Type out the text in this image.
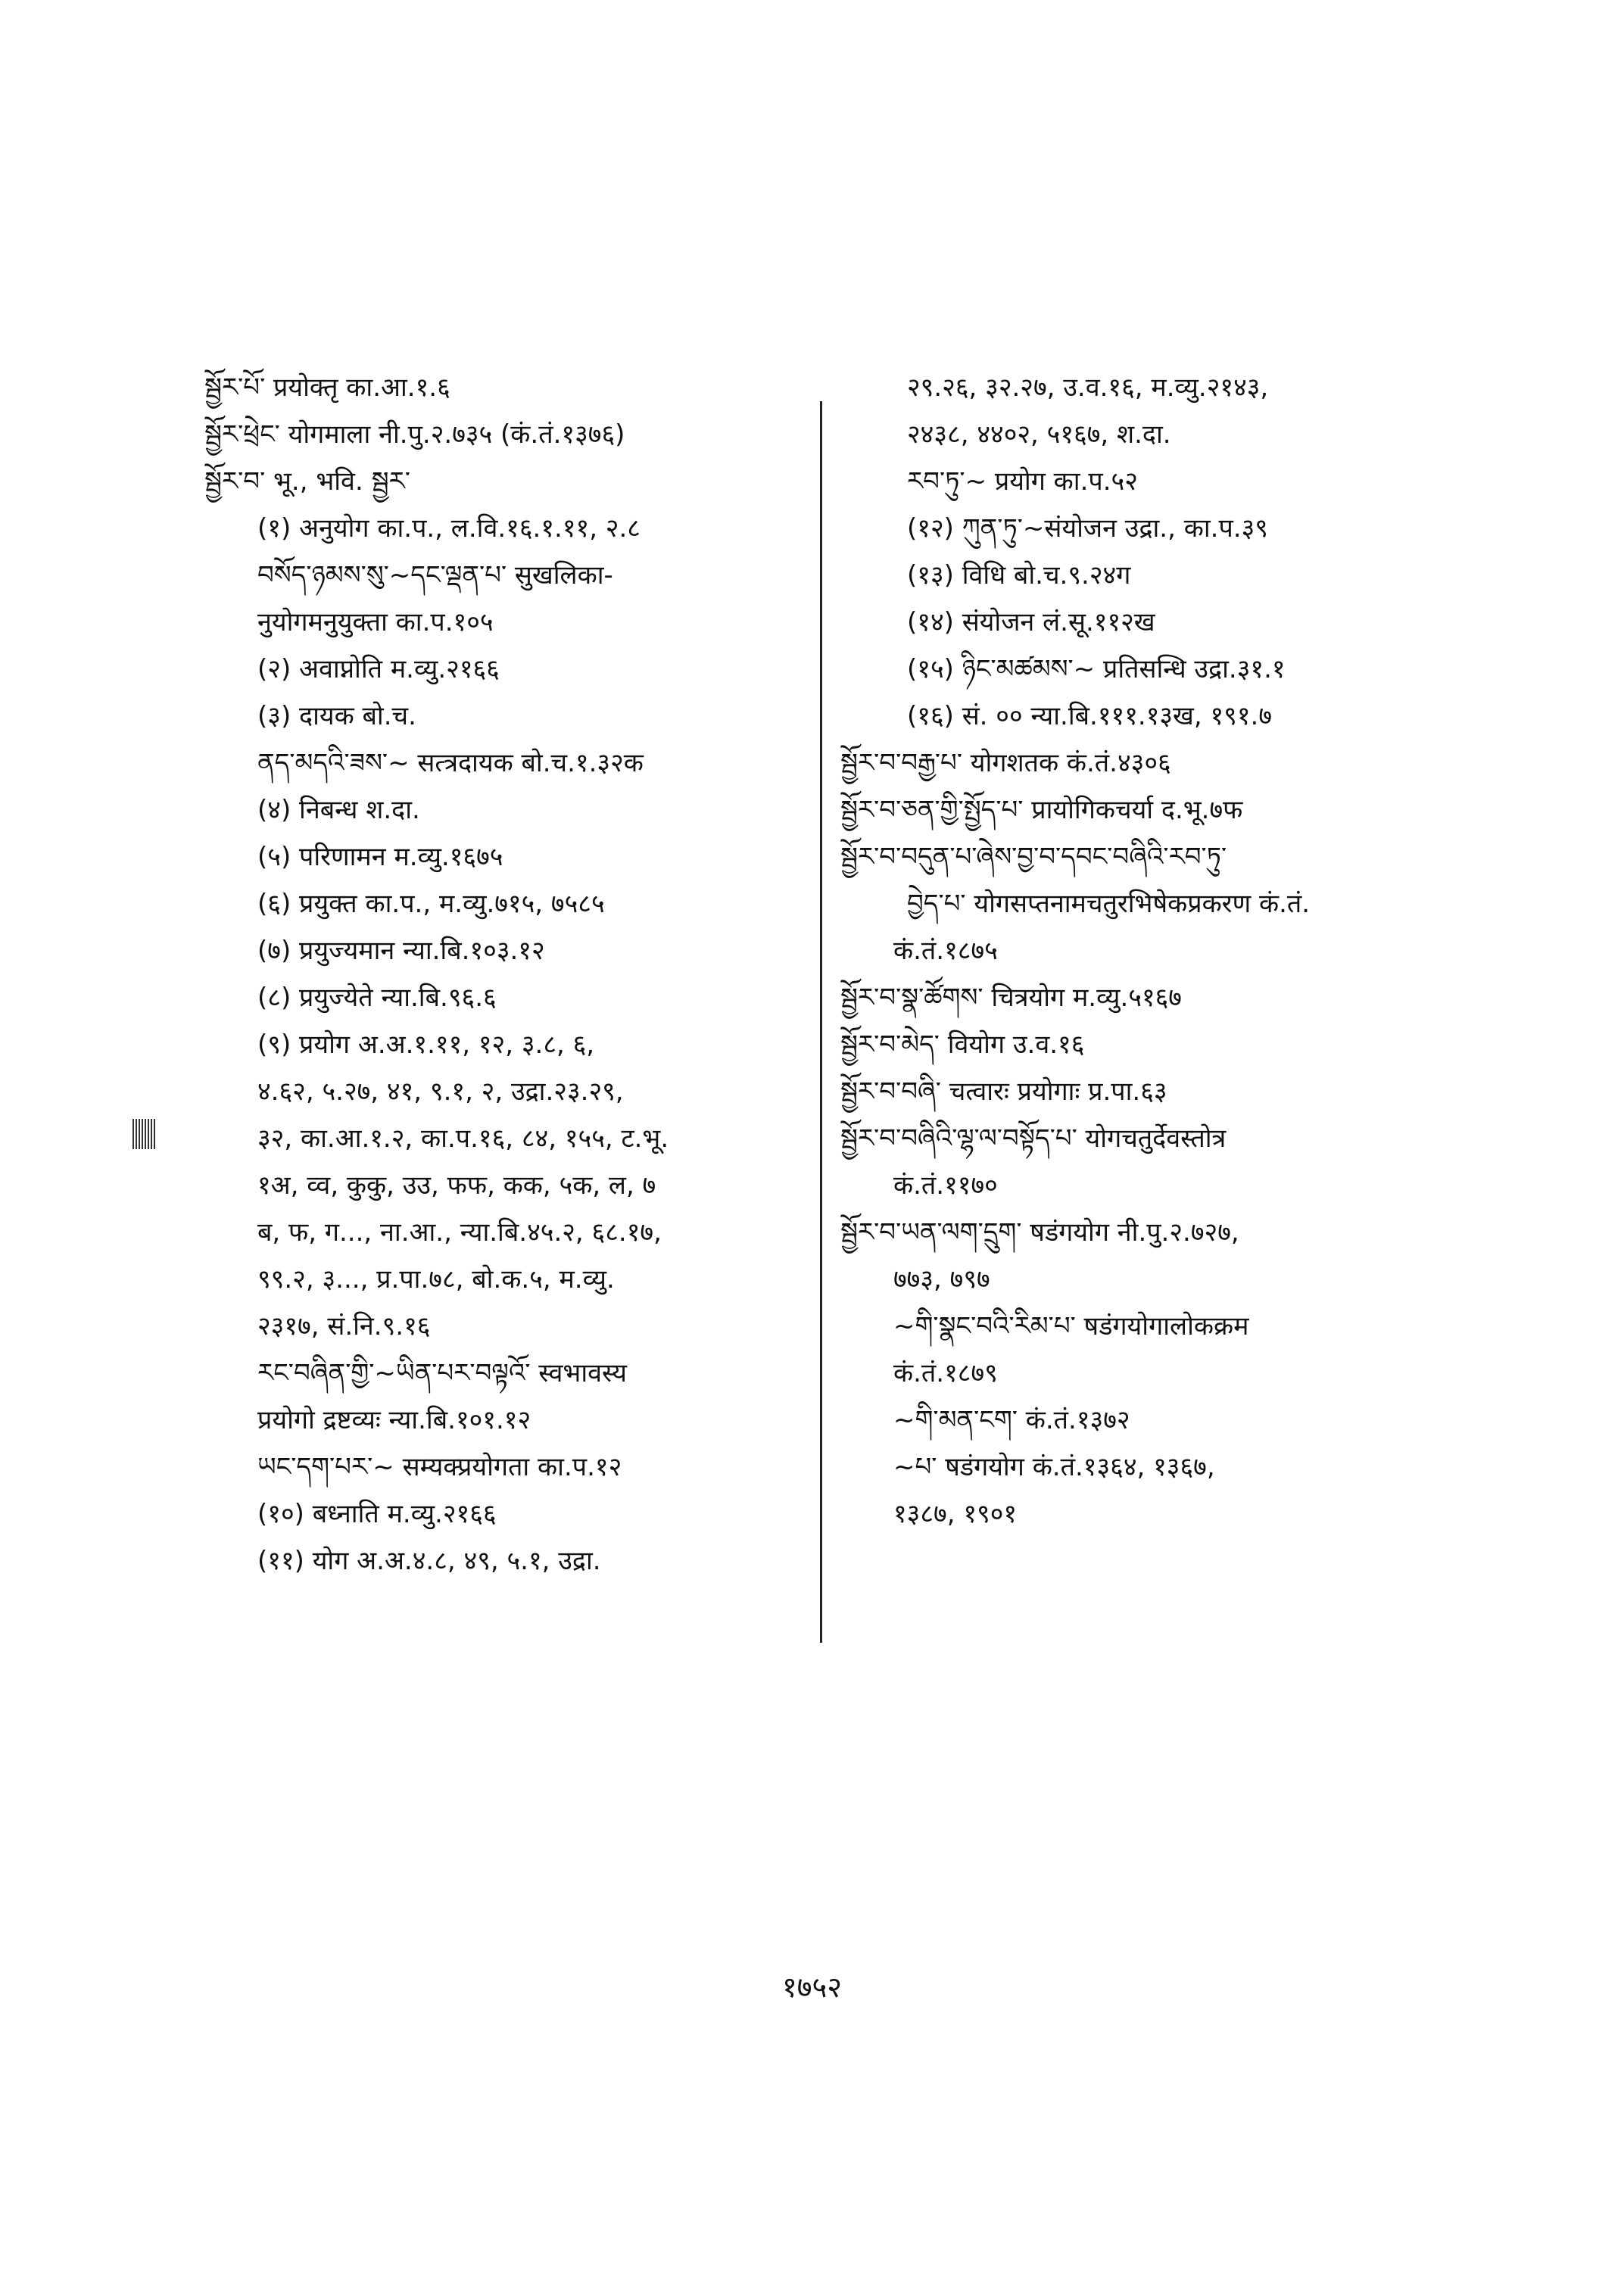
སྦྱོར་པོ་ प्रयोक्तृ का.आ.१.६
སྦྱོར་ཕྲེང་ योगमाला नी.पु.२.७३५ (कं.तं.१३७६)
སྦྱོར་བ་ भू., भवि. སྦྱར་
(१) अनुयोग का.प., ल.वि.१६.१.११, २.८
བསོད་ཉམས་སུ་~དང་ལྡན་པ་ सुखलिका-
नुयोगमनुयुक्ता का.प.१०५
(२) अवाप्नोति म.व्यु.२१६६
(३) दायक बो.च.
ནད་མདའི་ཟས་~ सत्त्रदायक बो.च.१.३२क
(४) निबन्ध श.दा.
(५) परिणामन म.व्यु.१६७५
(६) प्रयुक्त का.प., म.व्यु.७१५, ७५८५
(७) प्रयुज्यमान न्या.बि.१०३.१२
(८) प्रयुज्येते न्या.बि.९६.६
(९) प्रयोग अ.अ.१.११, १२, ३.८, ६,
४.६२, ५.२७, ४१, ९.१, २, उद्रा.२३.२९,
३२, का.आ.१.२, का.प.१६, ८४, १५५, ट.भू.
१अ, व्व, कुकु, उउ, फफ, कक, ५क, ल, ७
ब, फ, ग..., ना.आ., न्या.बि.४५.२, ६८.१७,
९९.२, ३..., प्र.पा.७८, बो.क.५, म.व्यु.
२३१७, सं.नि.९.१६
རང་བཞིན་གྱི་~ཡིན་པར་བལྟའོ་ स्वभावस्य
प्रयोगो द्रष्टव्यः न्या.बि.१०१.१२
ཡང་དག་པར་~ सम्यक्प्रयोगता का.प.१२
(१०) बध्नाति म.व्यु.२१६६
(११) योग अ.अ.४.८, ४९, ५.१, उद्रा.
२९.२६, ३२.२७, उ.व.१६, म.व्यु.२१४३,
२४३८, ४४०२, ५१६७, श.दा.
རབ་ཏུ་~ प्रयोग का.प.५२
(१२) ཀུན་ཏུ་~संयोजन उद्रा., का.प.३९
(१३) विधि बो.च.९.२४ग
(१४) संयोजन लं.सू.११२ख
(१५) ཉིང་མཚམས་~ प्रतिसन्धि उद्रा.३१.१
(१६) सं. ०० न्या.बि.१११.१३ख, १९१.७
སྦྱོར་བ་བརྒྱ་པ་ योगशतक कं.तं.४३०६
སྦྱོར་བ་ཅན་གྱི་སྤྱོད་པ་ प्रायोगिकचर्या द.भू.७फ
སྦྱོར་བ་བདུན་པ་ཞེས་བྱ་བ་དབང་བཞིའི་རབ་ཏུ་
བྱེད་པ་ योगसप्तनामचतुरभिषेकप्रकरण कं.तं.
कं.तं.१८७५
སྦྱོར་བ་སྣ་ཚོགས་ चित्रयोग म.व्यु.५१६७
སྦྱོར་བ་མེད་ वियोग उ.व.१६
སྦྱོར་བ་བཞི་ चत्वारः प्रयोगाः प्र.पा.६३
སྦྱོར་བ་བཞིའི་ལྷ་ལ་བསྟོད་པ་ योगचतुर्देवस्तोत्र
कं.तं.११७०
སྦྱོར་བ་ཡན་ལག་དྲུག་ षडंगयोग नी.पु.२.७२७,
७७३, ७९७
~གི་སྣང་བའི་རིམ་པ་ षडंगयोगालोकक्रम
कं.तं.१८७९
~གི་མན་ངག་ कं.तं.१३७२
~པ་ षडंगयोग कं.तं.१३६४, १३६७,
१३८७, १९०१
१७५२
